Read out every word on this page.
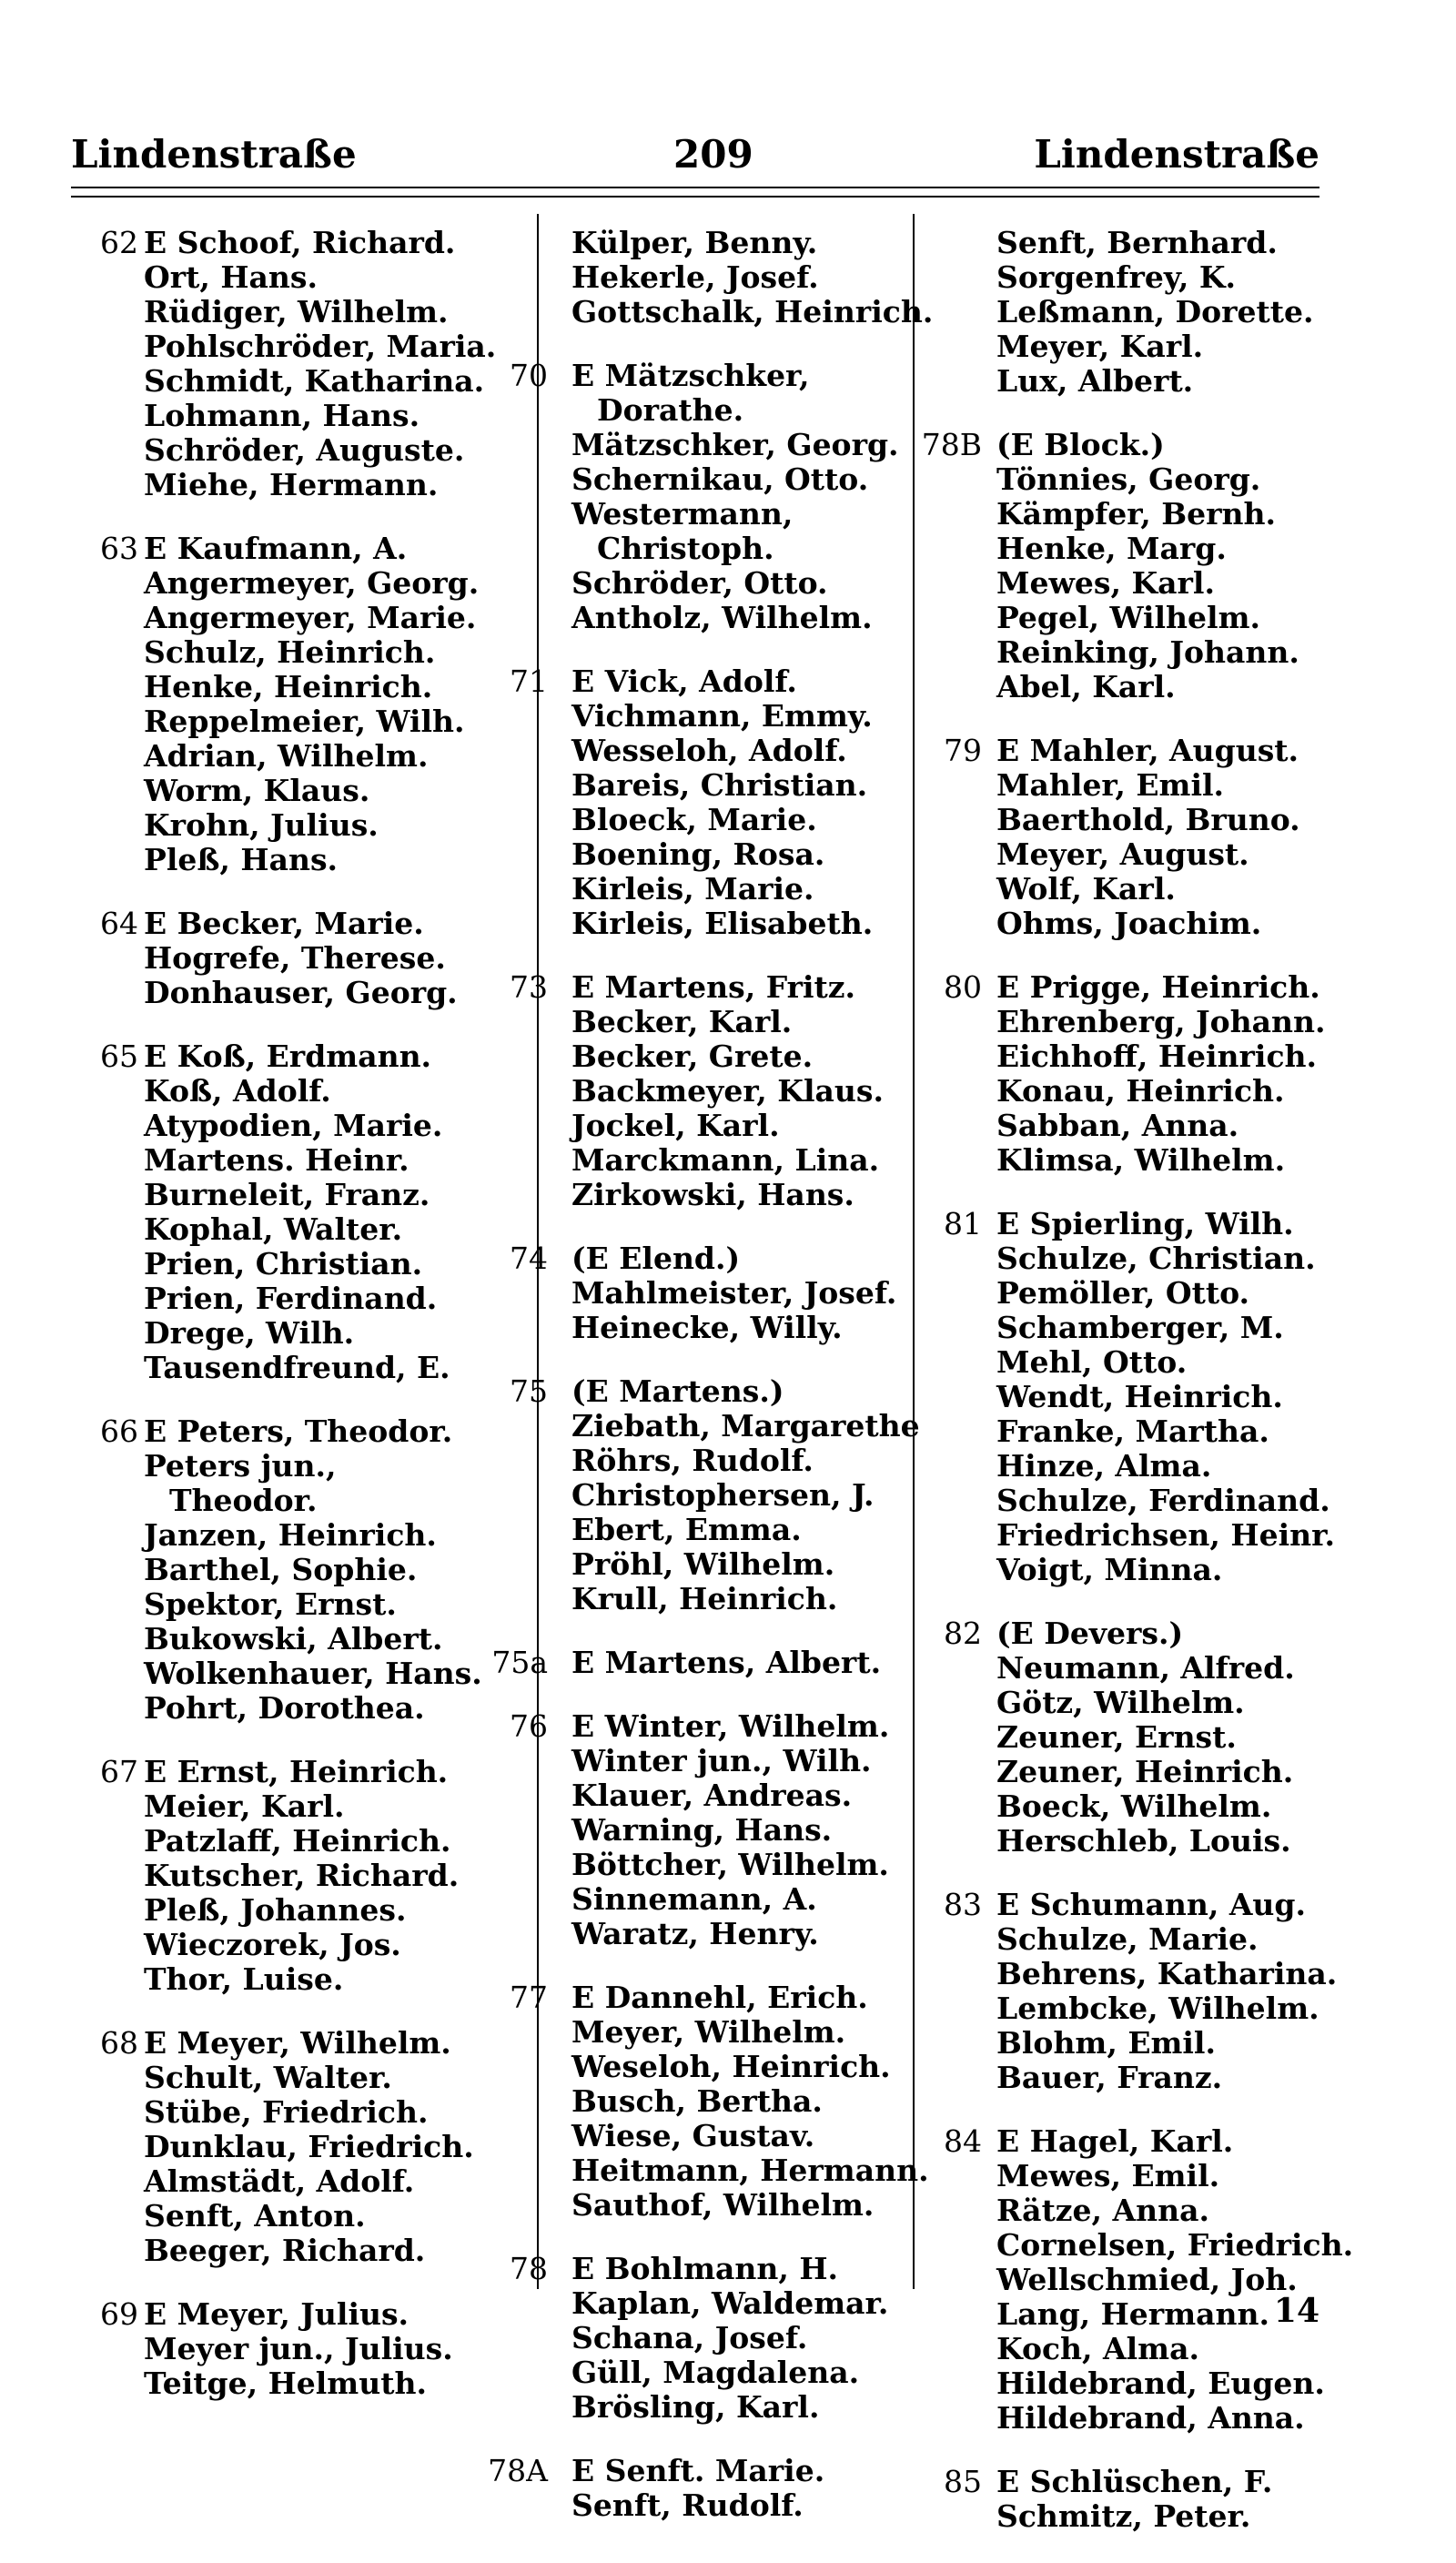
Lindenstraße	209	Lindenstraße
62 E Schoof, Richard.
Ort, Hans.
Rüdiger, Wilhelm.
Pohlschröder, Maria.
Schmidt, Katharina.
Lohmann, Hans.
Schröder, Auguste.
Miehe, Hermann.
63 E Kaufmann, A.
Angermeyer, Georg.
Angermeyer, Marie.
Schulz, Heinrich.
Henke, Heinrich.
Reppelmeier, Wilh.
Adrian, Wilhelm.
Worm, Klaus.
Krohn, Julius.
Pleß, Hans.
64 E Becker, Marie.
Hogrefe, Therese.
Donhauser, Georg.
65 E Koß, Erdmann.
Koß, Adolf.
Atypodien, Marie.
Martens. Heinr.
Burneleit, Franz.
Kophal, Walter.
Prien, Christian.
Prien, Ferdinand.
Drege, Wilh.
Tausendfreund, E.
66 E Peters, Theodor.
Peters jun.,
Theodor.
Janzen, Heinrich.
Barthel, Sophie.
Spektor, Ernst.
Bukowski, Albert.
Wolkenhauer, Hans.
Pohrt, Dorothea.
67 E Ernst, Heinrich.
Meier, Karl.
Patzlaff, Heinrich.
Kutscher, Richard.
Pleß, Johannes.
Wieczorek, Jos.
Thor, Luise.
68 E Meyer, Wilhelm.
Schult, Walter.
Stübe, Friedrich.
Dunklau, Friedrich.
Almstädt, Adolf.
Senft, Anton.
Beeger, Richard.
69 E Meyer, Julius.
Meyer jun., Julius.
Teitge, Helmuth.
Külper, Benny.
Hekerle, Josef.
Gottschalk, Heinrich.
70 E Mätzschker,
Dorathe.
Mätzschker, Georg.
Schernikau, Otto.
Westermann,
Christoph.
Schröder, Otto.
Antholz, Wilhelm.
71 E Vick, Adolf.
Vichmann, Emmy.
Wesseloh, Adolf.
Bareis, Christian.
Bloeck, Marie.
Boening, Rosa.
Kirleis, Marie.
Kirleis, Elisabeth.
73 E Martens, Fritz.
Becker, Karl.
Becker, Grete.
Backmeyer, Klaus.
Jockel, Karl.
Marckmann, Lina.
Zirkowski, Hans.
74 (E Elend.)
Mahlmeister, Josef.
Heinecke, Willy.
75 (E Martens.)
Ziebath, Margarethe
Röhrs, Rudolf.
Christophersen, J.
Ebert, Emma.
Pröhl, Wilhelm.
Krull, Heinrich.
75a E Martens, Albert.
76 E Winter, Wilhelm.
Winter jun., Wilh.
Klauer, Andreas.
Warning, Hans.
Böttcher, Wilhelm.
Sinnemann, A.
Waratz, Henry.
77 E Dannehl, Erich.
Meyer, Wilhelm.
Weseloh, Heinrich.
Busch, Bertha.
Wiese, Gustav.
Heitmann, Hermann.
Sauthof, Wilhelm.
78 E Bohlmann, H.
Kaplan, Waldemar.
Schana, Josef.
Güll, Magdalena.
Brösling, Karl.
78A E Senft. Marie.
Senft, Rudolf.
Senft, Bernhard.
Sorgenfrey, K.
Leßmann, Dorette.
Meyer, Karl.
Lux, Albert.
78B (E Block.)
Tönnies, Georg.
Kämpfer, Bernh.
Henke, Marg.
Mewes, Karl.
Pegel, Wilhelm.
Reinking, Johann.
Abel, Karl.
79 E Mahler, August.
Mahler, Emil.
Baerthold, Bruno.
Meyer, August.
Wolf, Karl.
Ohms, Joachim.
80 E Prigge, Heinrich.
Ehrenberg, Johann.
Eichhoff, Heinrich.
Konau, Heinrich.
Sabban, Anna.
Klimsa, Wilhelm.
81 E Spierling, Wilh.
Schulze, Christian.
Pemöller, Otto.
Schamberger, M.
Mehl, Otto.
Wendt, Heinrich.
Franke, Martha.
Hinze, Alma.
Schulze, Ferdinand.
Friedrichsen, Heinr.
Voigt, Minna.
82 (E Devers.)
Neumann, Alfred.
Götz, Wilhelm.
Zeuner, Ernst.
Zeuner, Heinrich.
Boeck, Wilhelm.
Herschleb, Louis.
83 E Schumann, Aug.
Schulze, Marie.
Behrens, Katharina.
Lembcke, Wilhelm.
Blohm, Emil.
Bauer, Franz.
84 E Hagel, Karl.
Mewes, Emil.
Rätze, Anna.
Cornelsen, Friedrich.
Wellschmied, Joh.
Lang, Hermann.
Koch, Alma.
Hildebrand, Eugen.
Hildebrand, Anna.
85 E Schlüschen, F.
Schmitz, Peter.
14
